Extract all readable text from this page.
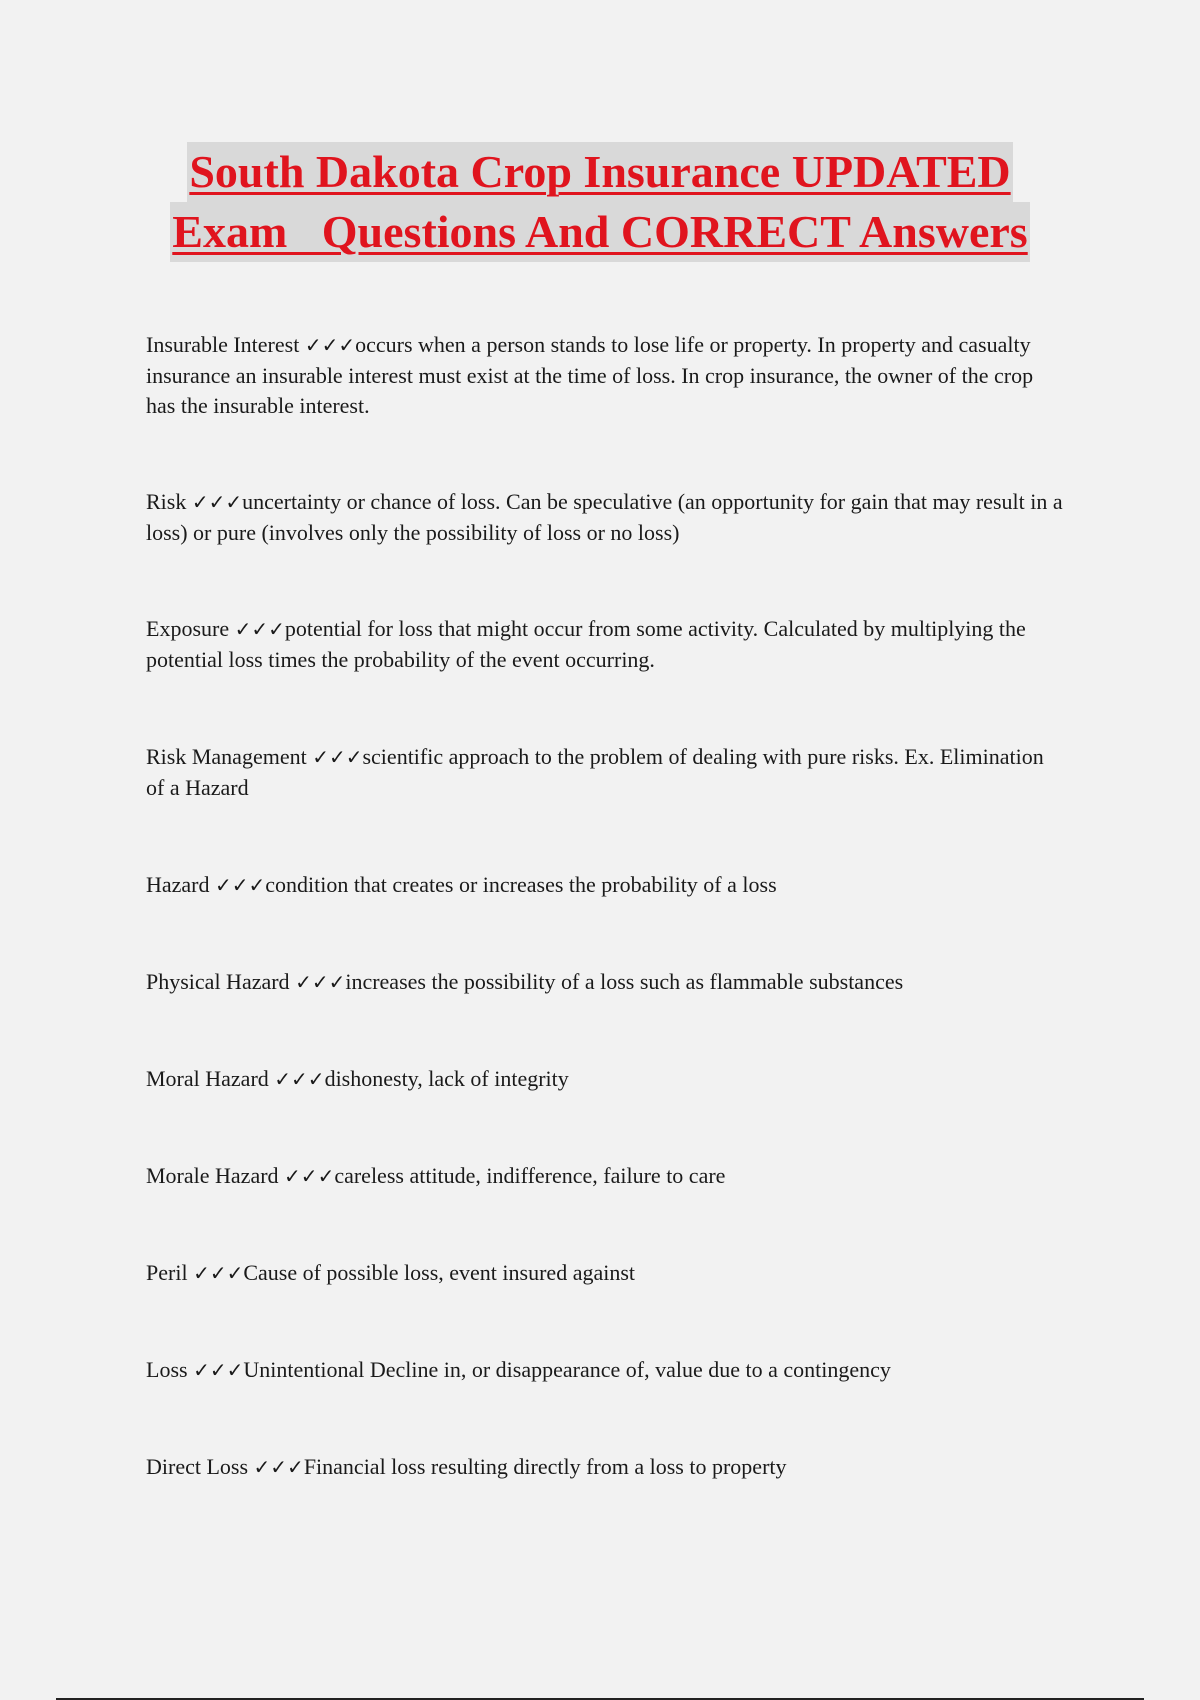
South Dakota Crop Insurance UPDATED
Exam   Questions And CORRECT Answers

Insurable Interest ✓✓✓occurs when a person stands to lose life or property. In property and casualty insurance an insurable interest must exist at the time of loss. In crop insurance, the owner of the crop has the insurable interest.

Risk ✓✓✓uncertainty or chance of loss. Can be speculative (an opportunity for gain that may result in a loss) or pure (involves only the possibility of loss or no loss)

Exposure ✓✓✓potential for loss that might occur from some activity. Calculated by multiplying the potential loss times the probability of the event occurring.

Risk Management ✓✓✓scientific approach to the problem of dealing with pure risks. Ex. Elimination of a Hazard

Hazard ✓✓✓condition that creates or increases the probability of a loss

Physical Hazard ✓✓✓increases the possibility of a loss such as flammable substances

Moral Hazard ✓✓✓dishonesty, lack of integrity

Morale Hazard ✓✓✓careless attitude, indifference, failure to care

Peril ✓✓✓Cause of possible loss, event insured against

Loss ✓✓✓Unintentional Decline in, or disappearance of, value due to a contingency

Direct Loss ✓✓✓Financial loss resulting directly from a loss to property
